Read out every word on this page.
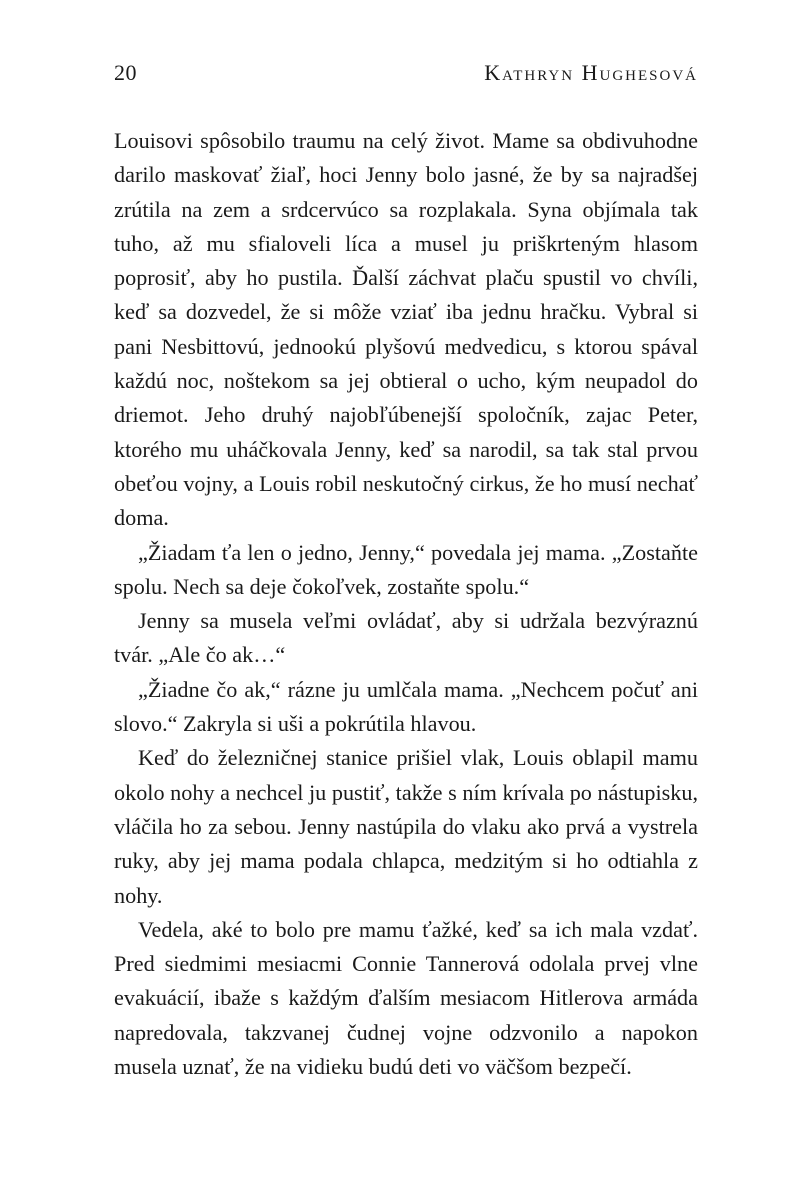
20	Kathryn Hughesová

Louisovi spôsobilo traumu na celý život. Mame sa obdivuhodne darilo maskovať žiaľ, hoci Jenny bolo jasné, že by sa najradšej zrútila na zem a srdcervúco sa rozplakala. Syna objímala tak tuho, až mu sfialoveli líca a musel ju priškrteným hlasom poprosiť, aby ho pustila. Ďalší záchvat plaču spustil vo chvíli, keď sa dozvedel, že si môže vziať iba jednu hračku. Vybral si pani Nesbittovú, jednookú plyšovú medvedicu, s ktorou spával každú noc, noštekom sa jej obtieral o ucho, kým neupadol do driemot. Jeho druhý najobľúbenejší spoločník, zajac Peter, ktorého mu uháčkovala Jenny, keď sa narodil, sa tak stal prvou obeťou vojny, a Louis robil neskutočný cirkus, že ho musí nechať doma.

„Žiadam ťa len o jedno, Jenny,“ povedala jej mama. „Zostaňte spolu. Nech sa deje čokoľvek, zostaňte spolu.“

Jenny sa musela veľmi ovládať, aby si udržala bezvýraznú tvár. „Ale čo ak…“

„Žiadne čo ak,“ rázne ju umlčala mama. „Nechcem počuť ani slovo.“ Zakryla si uši a pokrútila hlavou.

Keď do železničnej stanice prišiel vlak, Louis oblapil mamu okolo nohy a nechcel ju pustiť, takže s ním krívala po nástupisku, vláčila ho za sebou. Jenny nastúpila do vlaku ako prvá a vystrela ruky, aby jej mama podala chlapca, medzitým si ho odtiahla z nohy.

Vedela, aké to bolo pre mamu ťažké, keď sa ich mala vzdať. Pred siedmimi mesiacmi Connie Tannerová odolala prvej vlne evakuácií, ibaže s každým ďalším mesiacom Hitlerova armáda napredovala, takzvanej čudnej vojne odzvonilo a napokon musela uznať, že na vidieku budú deti vo väčšom bezpečí.
